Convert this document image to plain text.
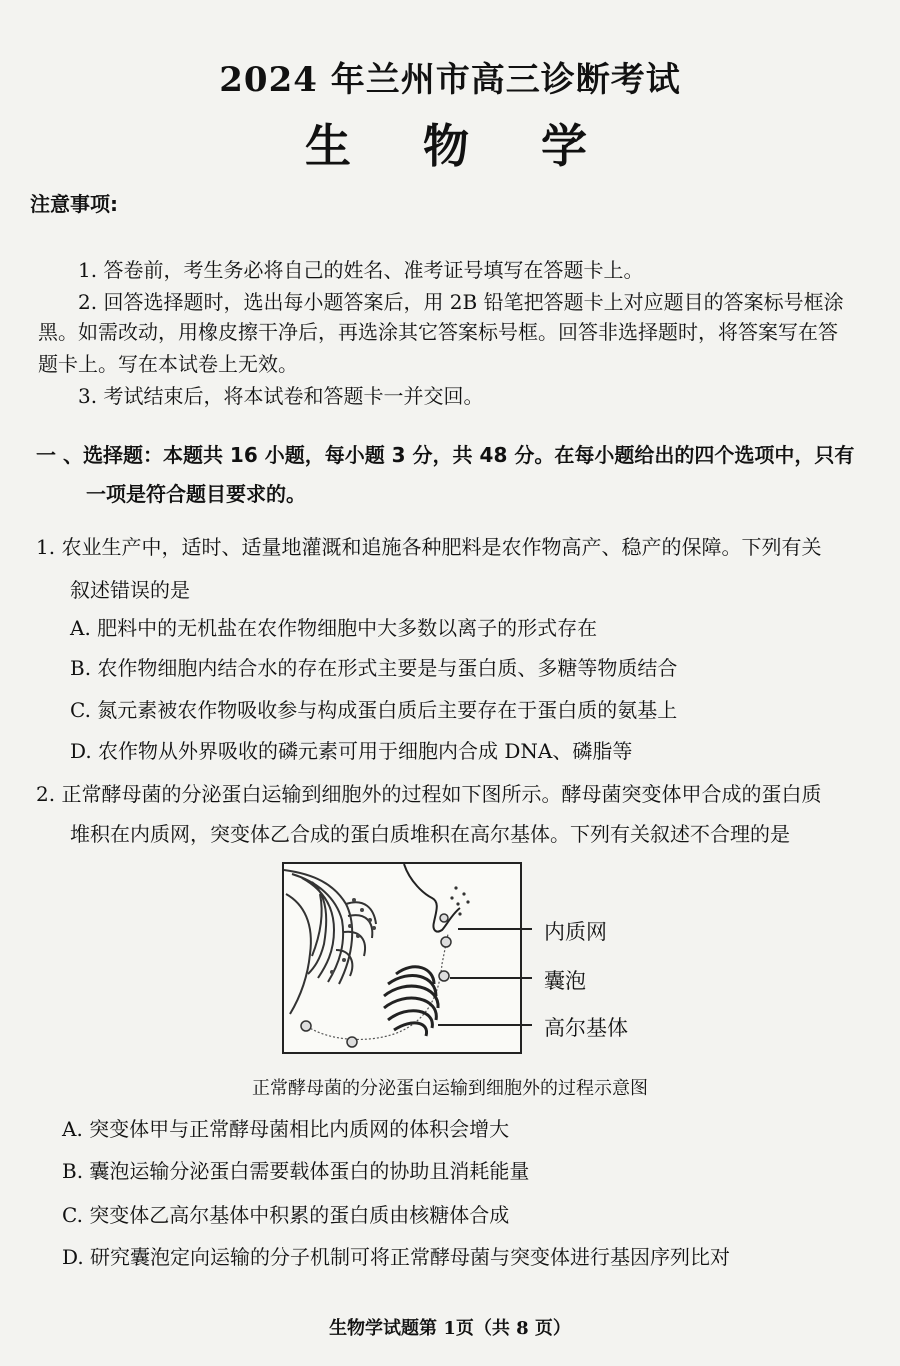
2024 年兰州市高三诊断考试
生 物 学
注意事项:
1. 答卷前，考生务必将自己的姓名、准考证号填写在答题卡上。
2. 回答选择题时，选出每小题答案后，用 2B 铅笔把答题卡上对应题目的答案标号框涂
黑。如需改动，用橡皮擦干净后，再选涂其它答案标号框。回答非选择题时，将答案写在答
题卡上。写在本试卷上无效。
3. 考试结束后，将本试卷和答题卡一并交回。
一 、选择题：本题共 16 小题，每小题 3 分，共 48 分。在每小题给出的四个选项中，只有
一项是符合题目要求的。
1. 农业生产中，适时、适量地灌溉和追施各种肥料是农作物高产、稳产的保障。下列有关
叙述错误的是
A. 肥料中的无机盐在农作物细胞中大多数以离子的形式存在
B. 农作物细胞内结合水的存在形式主要是与蛋白质、多糖等物质结合
C. 氮元素被农作物吸收参与构成蛋白质后主要存在于蛋白质的氨基上
D. 农作物从外界吸收的磷元素可用于细胞内合成 DNA、磷脂等
2. 正常酵母菌的分泌蛋白运输到细胞外的过程如下图所示。酵母菌突变体甲合成的蛋白质
堆积在内质网，突变体乙合成的蛋白质堆积在高尔基体。下列有关叙述不合理的是
内质网
囊泡
高尔基体
正常酵母菌的分泌蛋白运输到细胞外的过程示意图
A. 突变体甲与正常酵母菌相比内质网的体积会增大
B. 囊泡运输分泌蛋白需要载体蛋白的协助且消耗能量
C. 突变体乙高尔基体中积累的蛋白质由核糖体合成
D. 研究囊泡定向运输的分子机制可将正常酵母菌与突变体进行基因序列比对
生物学试题第 1页（共 8 页）
